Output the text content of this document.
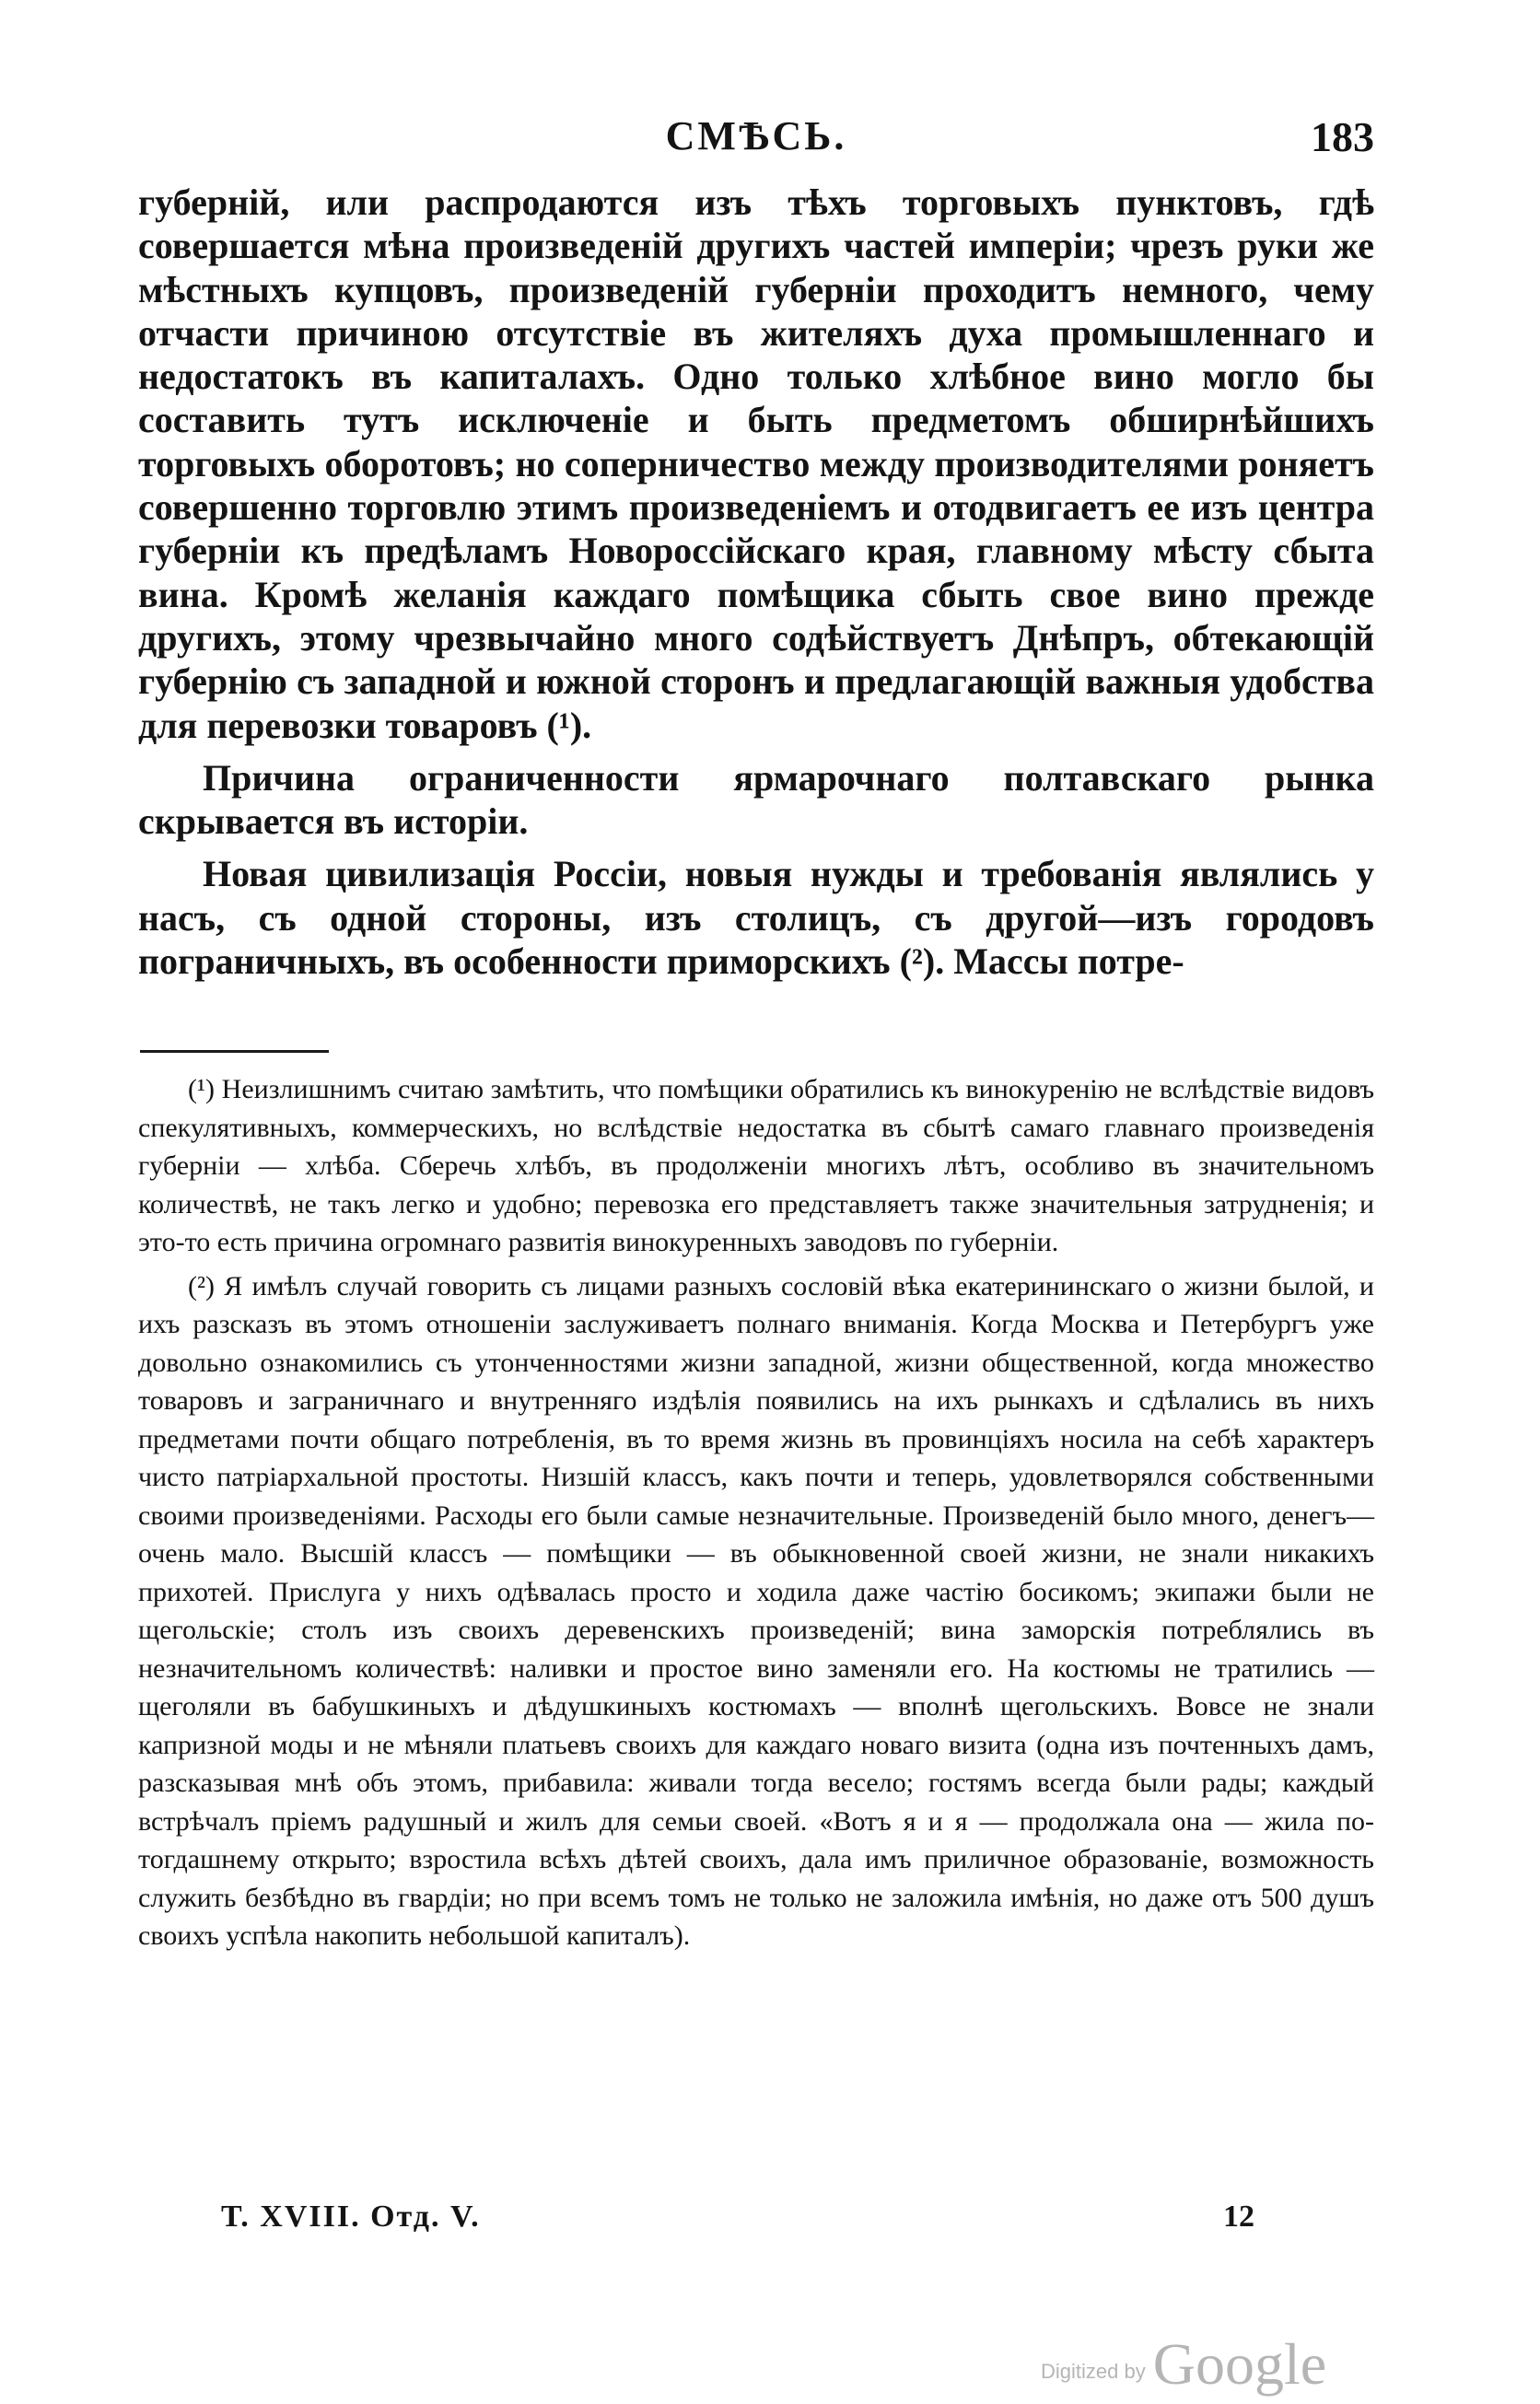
СМѢСЬ.	183

губерній, или распродаются изъ тѣхъ торговыхъ пунктовъ, гдѣ совершается мѣна произведеній другихъ частей имперіи; чрезъ руки же мѣстныхъ купцовъ, произведеній губерніи проходитъ немного, чему отчасти причиною отсутствіе въ жителяхъ духа промышленнаго и недостатокъ въ капиталахъ. Одно только хлѣбное вино могло бы составить тутъ исключеніе и быть предметомъ обширнѣйшихъ торговыхъ оборотовъ; но соперничество между производителями роняетъ совершенно торговлю этимъ произведеніемъ и отодвигаетъ ее изъ центра губерніи къ предѣламъ Новороссійскаго края, главному мѣсту сбыта вина. Кромѣ желанія каждаго помѣщика сбыть свое вино прежде другихъ, этому чрезвычайно много содѣйствуетъ Днѣпръ, обтекающій губернію съ западной и южной сторонъ и предлагающій важныя удобства для перевозки товаровъ (¹).

Причина ограниченности ярмарочнаго полтавскаго рынка скрывается въ исторіи.

Новая цивилизація Россіи, новыя нужды и требованія являлись у насъ, съ одной стороны, изъ столицъ, съ другой—изъ городовъ пограничныхъ, въ особенности приморскихъ (²). Массы потре-

(¹) Неизлишнимъ считаю замѣтить, что помѣщики обратились къ винокуренію не вслѣдствіе видовъ спекулятивныхъ, коммерческихъ, но вслѣдствіе недостатка въ сбытѣ самаго главнаго произведенія губерніи — хлѣба. Сберечь хлѣбъ, въ продолженіи многихъ лѣтъ, особливо въ значительномъ количествѣ, не такъ легко и удобно; перевозка его представляетъ также значительныя затрудненія; и это-то есть причина огромнаго развитія винокуренныхъ заводовъ по губерніи.

(²) Я имѣлъ случай говорить съ лицами разныхъ сословій вѣка екатерининскаго о жизни былой, и ихъ разсказъ въ этомъ отношеніи заслуживаетъ полнаго вниманія. Когда Москва и Петербургъ уже довольно ознакомились съ утонченностями жизни западной, жизни общественной, когда множество товаровъ и заграничнаго и внутренняго издѣлія появились на ихъ рынкахъ и сдѣлались въ нихъ предметами почти общаго потребленія, въ то время жизнь въ провинціяхъ носила на себѣ характеръ чисто патріархальной простоты. Низшій классъ, какъ почти и теперь, удовлетворялся собственными своими произведеніями. Расходы его были самые незначительные. Произведеній было много, денегъ—очень мало. Высшій классъ — помѣщики — въ обыкновенной своей жизни, не знали никакихъ прихотей. Прислуга у нихъ одѣвалась просто и ходила даже частію босикомъ; экипажи были не щегольскіе; столъ изъ своихъ деревенскихъ произведеній; вина заморскія потреблялись въ незначительномъ количествѣ: наливки и простое вино заменяли его. На костюмы не тратились — щеголяли въ бабушкиныхъ и дѣдушкиныхъ костюмахъ — вполнѣ щегольскихъ. Вовсе не знали капризной моды и не мѣняли платьевъ своихъ для каждаго новаго визита (одна изъ почтенныхъ дамъ, разсказывая мнѣ объ этомъ, прибавила: живали тогда весело; гостямъ всегда были рады; каждый встрѣчалъ пріемъ радушный и жилъ для семьи своей. «Вотъ я и я — продолжала она — жила по-тогдашнему открыто; взростила всѣхъ дѣтей своихъ, дала имъ приличное образованіе, возможность служить безбѣдно въ гвардіи; но при всемъ томъ не только не заложила имѣнія, но даже отъ 500 душъ своихъ успѣла накопить небольшой капиталъ).

Т. XVIII. Отд. V.	12
Digitized by Google
